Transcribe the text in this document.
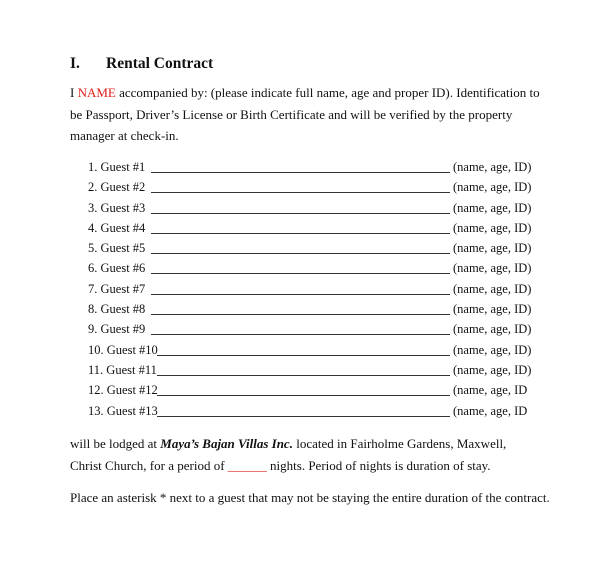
I. Rental Contract
I NAME accompanied by: (please indicate full name, age and proper ID). Identification to be Passport, Driver’s License or Birth Certificate and will be verified by the property manager at check-in.
1. Guest #1	(name, age, ID)
2. Guest #2	(name, age, ID)
3. Guest #3	(name, age, ID)
4. Guest #4	(name, age, ID)
5. Guest #5	(name, age, ID)
6. Guest #6	(name, age, ID)
7. Guest #7	(name, age, ID)
8. Guest #8	(name, age, ID)
9. Guest #9	(name, age, ID)
10. Guest #10	(name, age, ID)
11. Guest #11	(name, age, ID)
12. Guest #12	(name, age, ID
13. Guest #13	(name, age, ID
will be lodged at Maya’s Bajan Villas Inc. located in Fairholme Gardens, Maxwell, Christ Church, for a period of ______ nights. Period of nights is duration of stay.
Place an asterisk * next to a guest that may not be staying the entire duration of the contract.
